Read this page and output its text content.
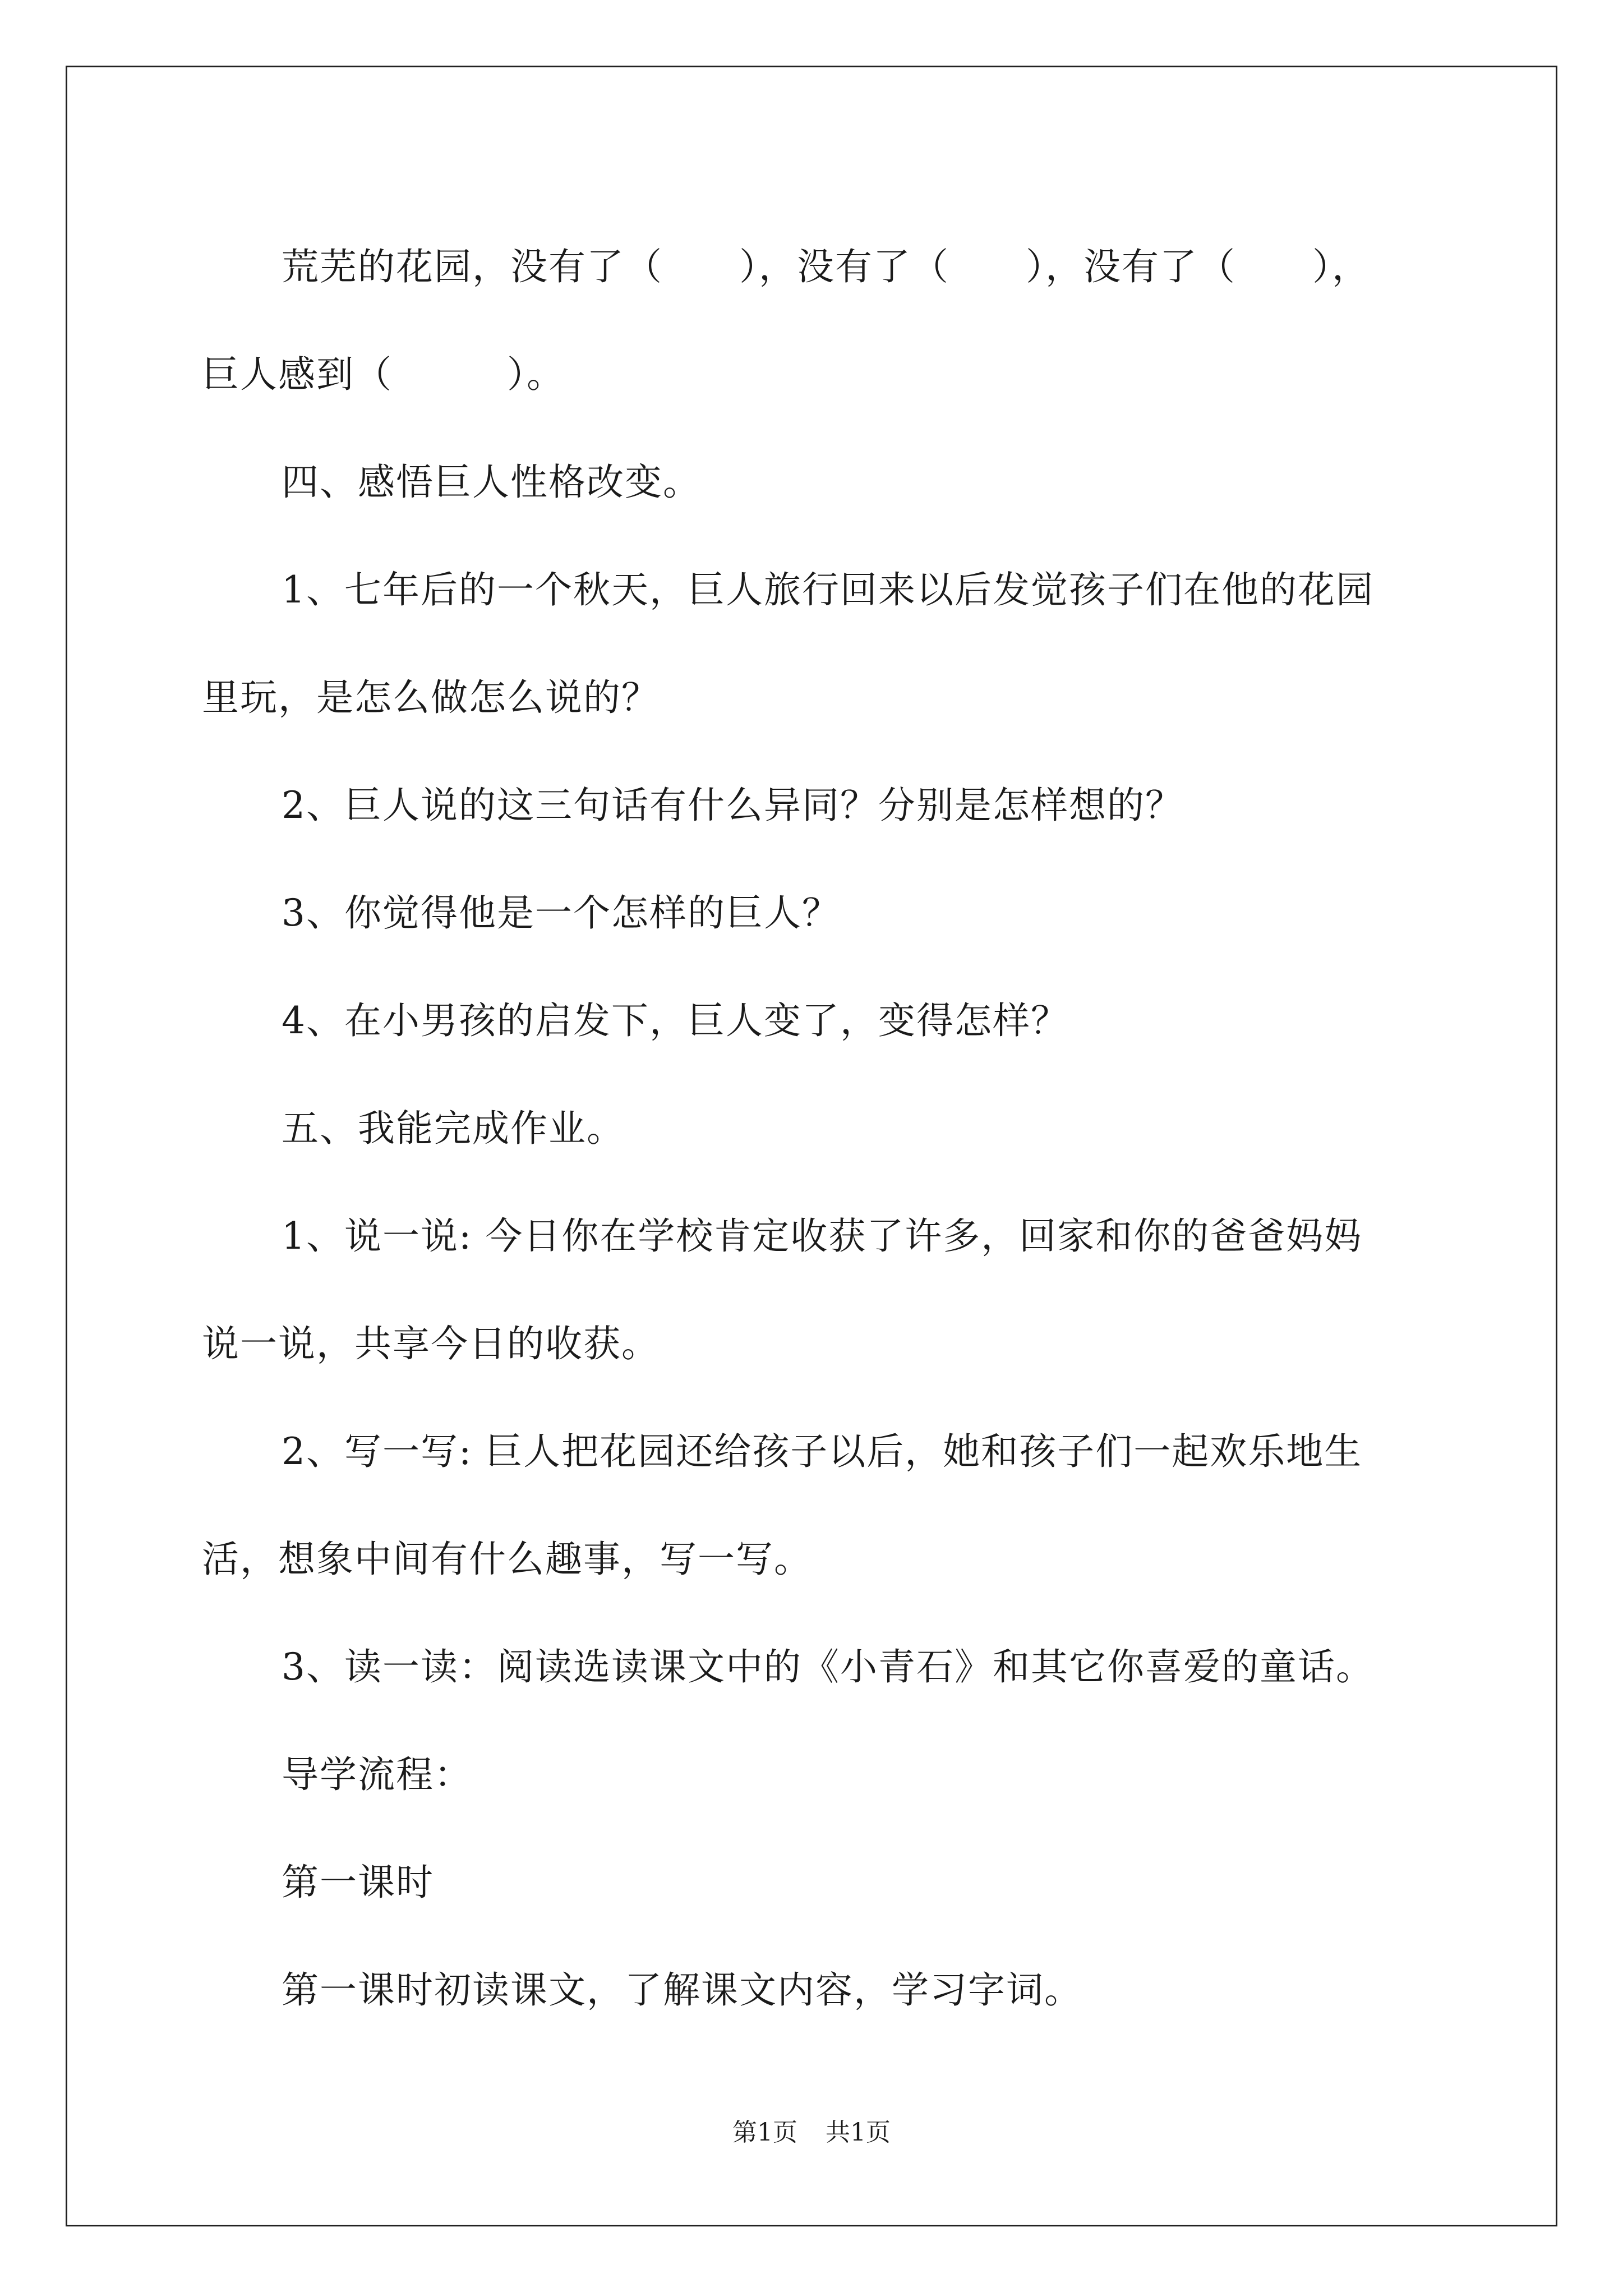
荒芜的花园，没有了（　　），没有了（　　），没有了（　　），

巨人感到（　　　）。

四、感悟巨人性格改变。

1、七年后的一个秋天，巨人旅行回来以后发觉孩子们在他的花园

里玩，是怎么做怎么说的？

2、巨人说的这三句话有什么异同？分别是怎样想的？

3、你觉得他是一个怎样的巨人？

4、在小男孩的启发下，巨人变了，变得怎样？

五、我能完成作业。

1、说一说: 今日你在学校肯定收获了许多，回家和你的爸爸妈妈

说一说，共享今日的收获。

2、写一写: 巨人把花园还给孩子以后，她和孩子们一起欢乐地生

活，想象中间有什么趣事，写一写。

3、读一读：阅读选读课文中的《小青石》和其它你喜爱的童话。

导学流程：

第一课时

第一课时初读课文，了解课文内容，学习字词。

第1页 共1页
